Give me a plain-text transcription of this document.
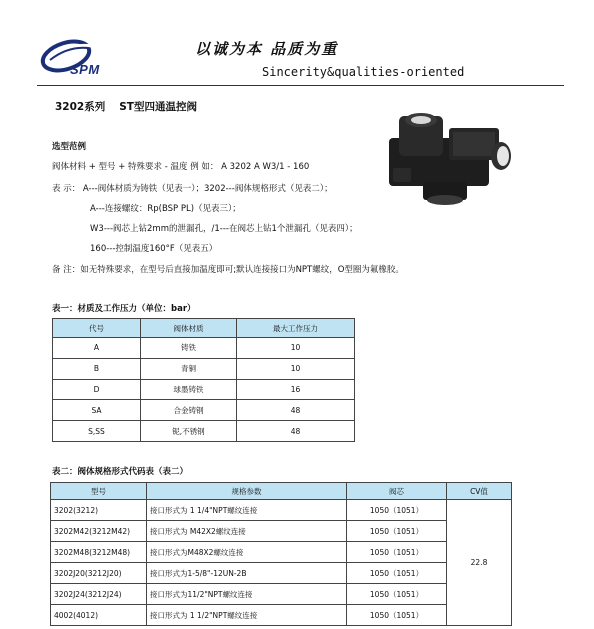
SPM
以诚为本 品质为重
Sincerity&qualities-oriented
3202系列 ST型四通温控阀
选型范例
阀体材料 + 型号 + 特殊要求 - 温度 例 如： A 3202 A W3/1 - 160
表 示： A---阀体材质为铸铁（见表一）；3202---阀体规格形式（见表二）；
A---连接螺纹：Rp(BSP PL)（见表三）；
W3---阀芯上钻2mm的泄漏孔，/1---在阀芯上钻1个泄漏孔（见表四）；
160---控制温度160°F（见表五）
备 注：如无特殊要求，在型号后直接加温度即可;默认连接接口为NPT螺纹，O型圈为氟橡胶。
表一：材质及工作压力（单位：bar）
代号	阀体材质	最大工作压力
A	铸铁	10
B	青铜	10
D	球墨铸铁	16
SA	合金铸钢	48
S,SS	铌,不锈钢	48
表二：阀体规格形式代码表（表二）
型号	规格参数	阀芯	CV值
3202(3212)	接口形式为 1 1/4"NPT螺纹连接	1050（1051）	22.8
3202M42(3212M42)	接口形式为 M42X2螺纹连接	1050（1051）	
3202M48(3212M48)	接口形式为M48X2螺纹连接	1050（1051）	
3202J20(3212J20)	接口形式为1-5/8"-12UN-2B	1050（1051）	
3202J24(3212J24)	接口形式为11/2"NPT螺纹连接	1050（1051）	
4002(4012)	接口形式为 1 1/2"NPT螺纹连接	1050（1051）	
